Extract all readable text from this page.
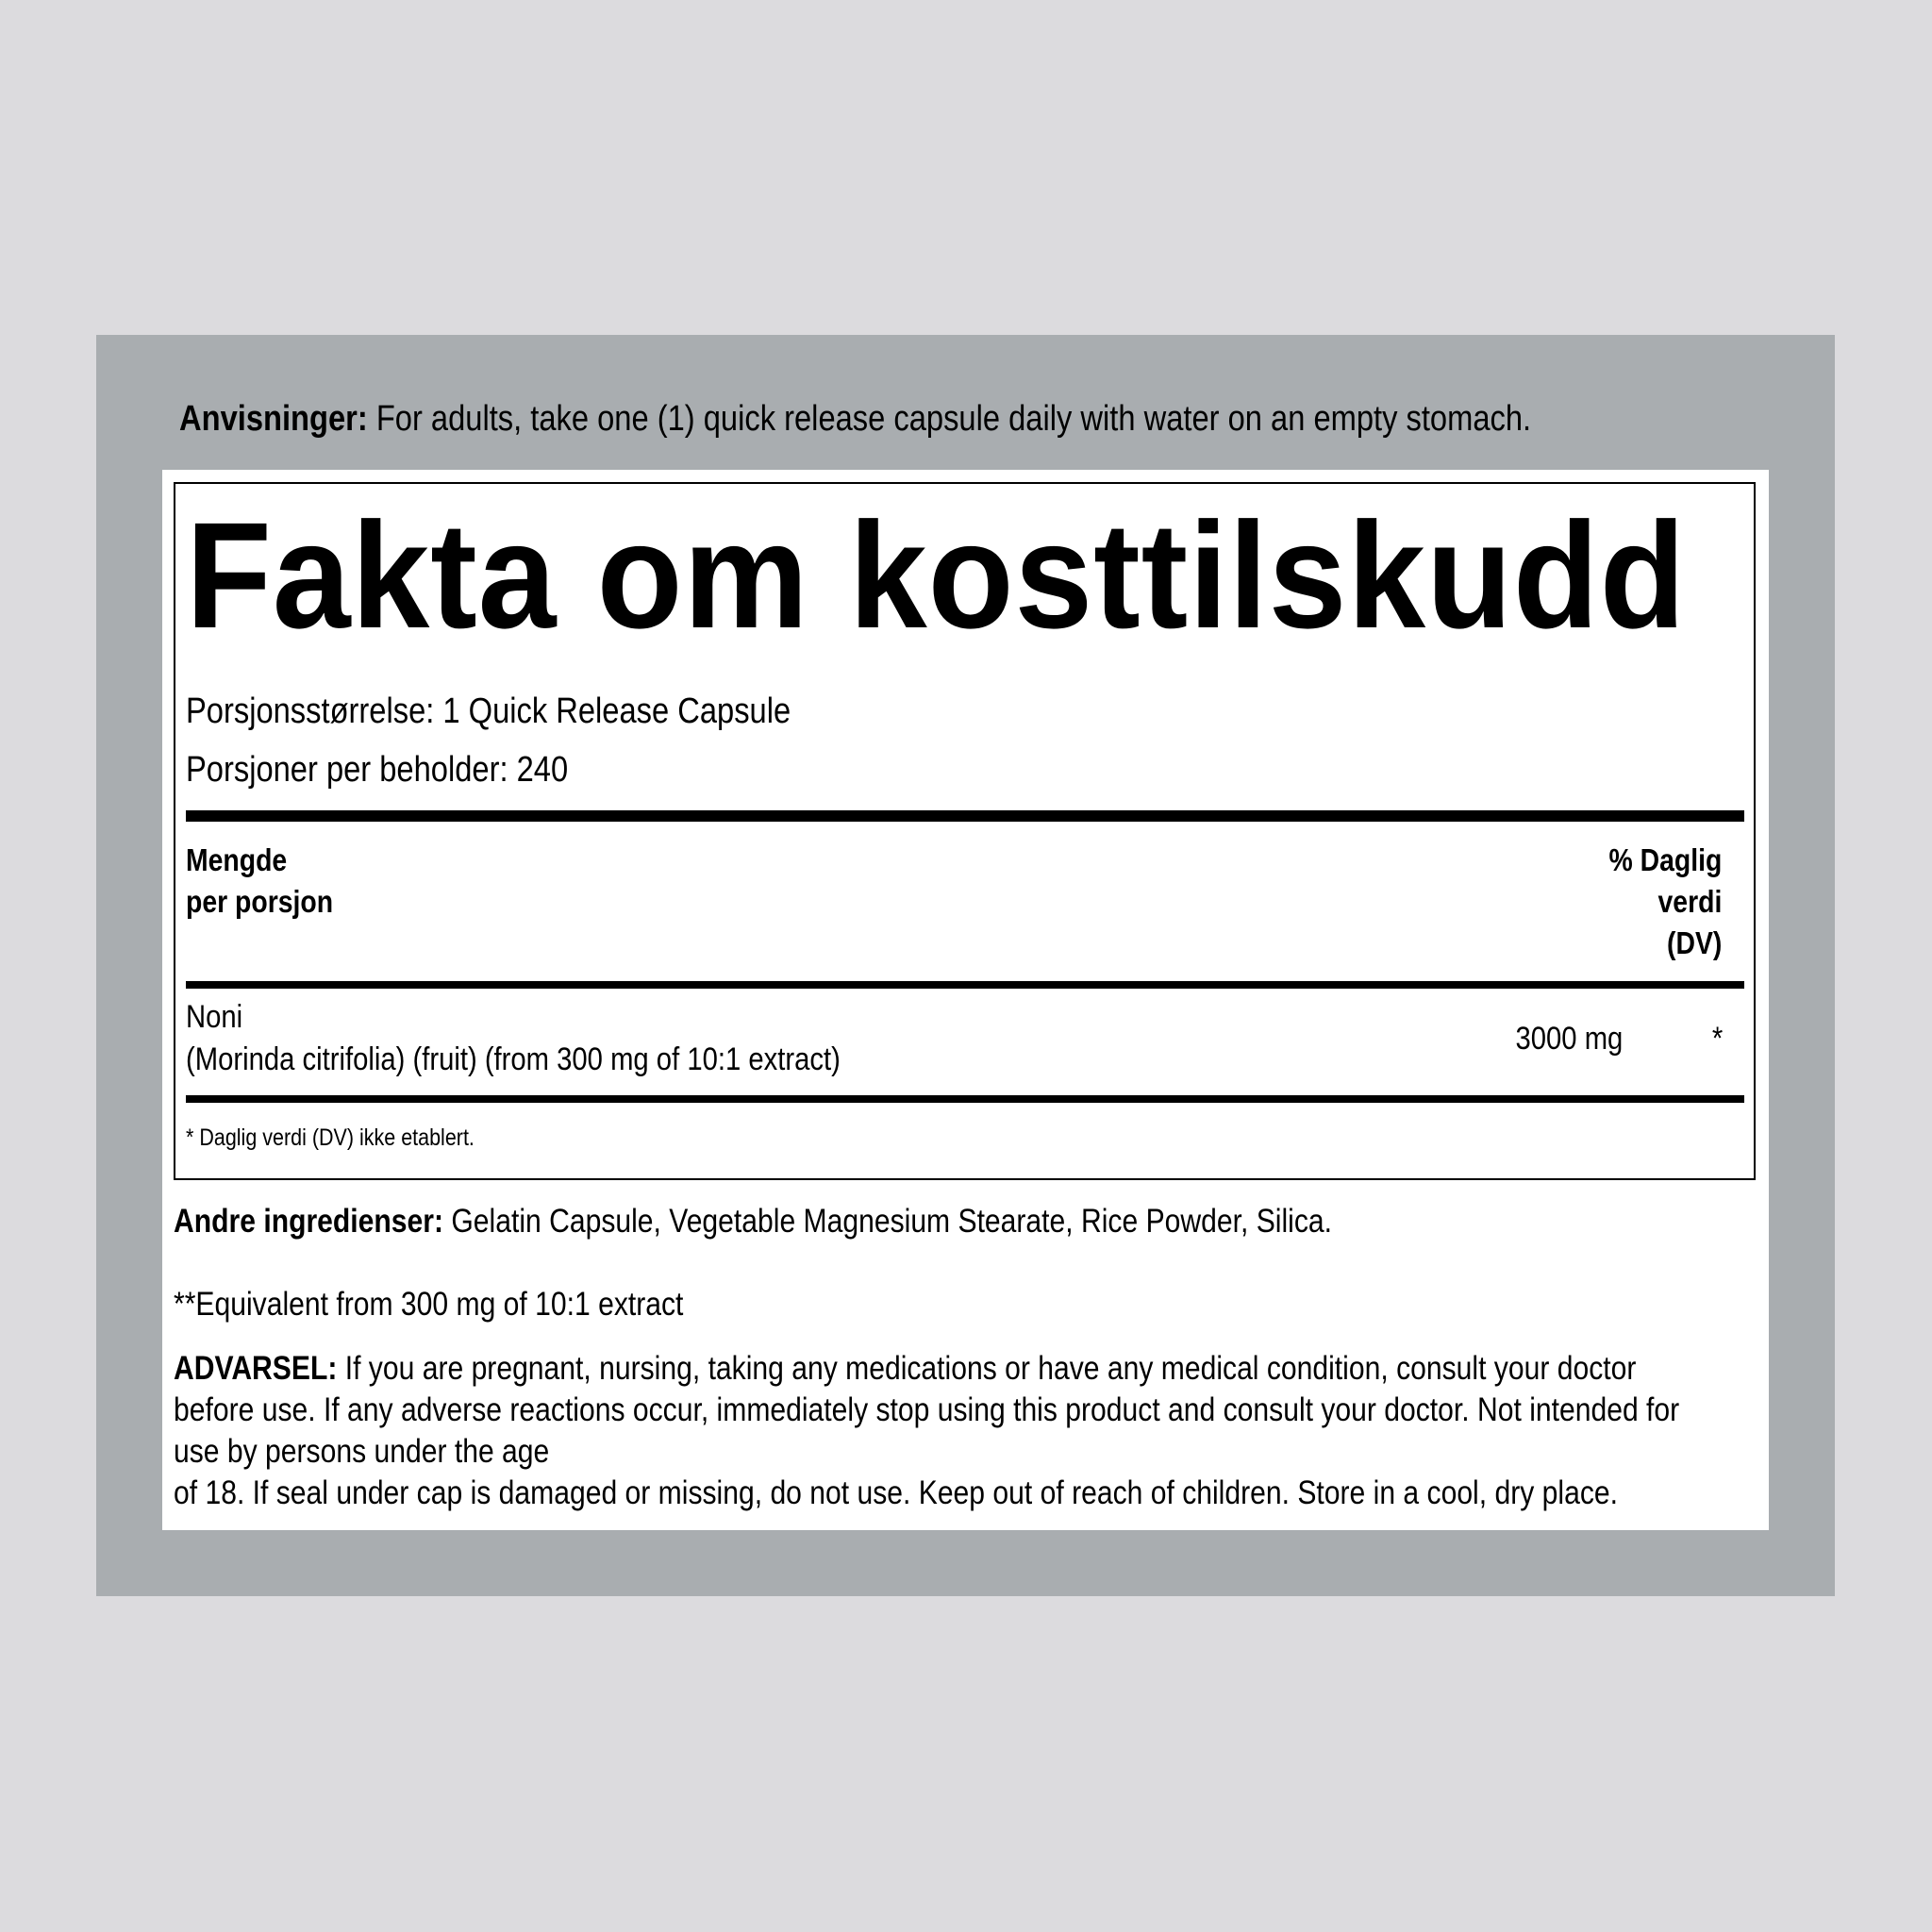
Anvisninger: For adults, take one (1) quick release capsule daily with water on an empty stomach.
Fakta om kosttilskudd
Porsjonsstørrelse: 1 Quick Release Capsule
Porsjoner per beholder: 240
Mengde
per porsjon
% Daglig
verdi
(DV)
Noni
(Morinda citrifolia) (fruit) (from 300 mg of 10:1 extract)
3000 mg	*
* Daglig verdi (DV) ikke etablert.
Andre ingredienser: Gelatin Capsule, Vegetable Magnesium Stearate, Rice Powder, Silica.
**Equivalent from 300 mg of 10:1 extract
ADVARSEL: If you are pregnant, nursing, taking any medications or have any medical condition, consult your doctor
before use. If any adverse reactions occur, immediately stop using this product and consult your doctor. Not intended for
use by persons under the age
of 18. If seal under cap is damaged or missing, do not use. Keep out of reach of children. Store in a cool, dry place.
